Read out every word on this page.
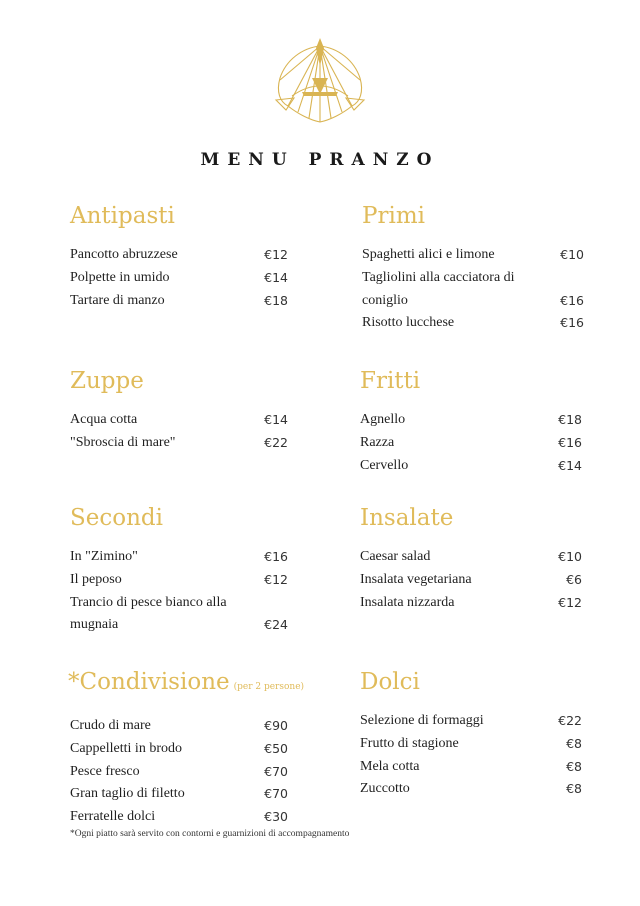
MENU PRANZO
Antipasti
Pancotto abruzzese	€12
Polpette in umido	€14
Tartare di manzo	€18
Primi
Spaghetti alici e limone	€10
Tagliolini alla cacciatora di coniglio	€16
Risotto lucchese	€16
Zuppe
Acqua cotta	€14
"Sbroscia di mare"	€22
Fritti
Agnello	€18
Razza	€16
Cervello	€14
Secondi
In "Zimino"	€16
Il peposo	€12
Trancio di pesce bianco alla mugnaia	€24
Insalate
Caesar salad	€10
Insalata vegetariana	€6
Insalata nizzarda	€12
*Condivisione (per 2 persone)
Crudo di mare	€90
Cappelletti in brodo	€50
Pesce fresco	€70
Gran taglio di filetto	€70
Ferratelle dolci	€30
Dolci
Selezione di formaggi	€22
Frutto di stagione	€8
Mela cotta	€8
Zuccotto	€8
*Ogni piatto sarà servito con contorni e guarnizioni di accompagnamento
